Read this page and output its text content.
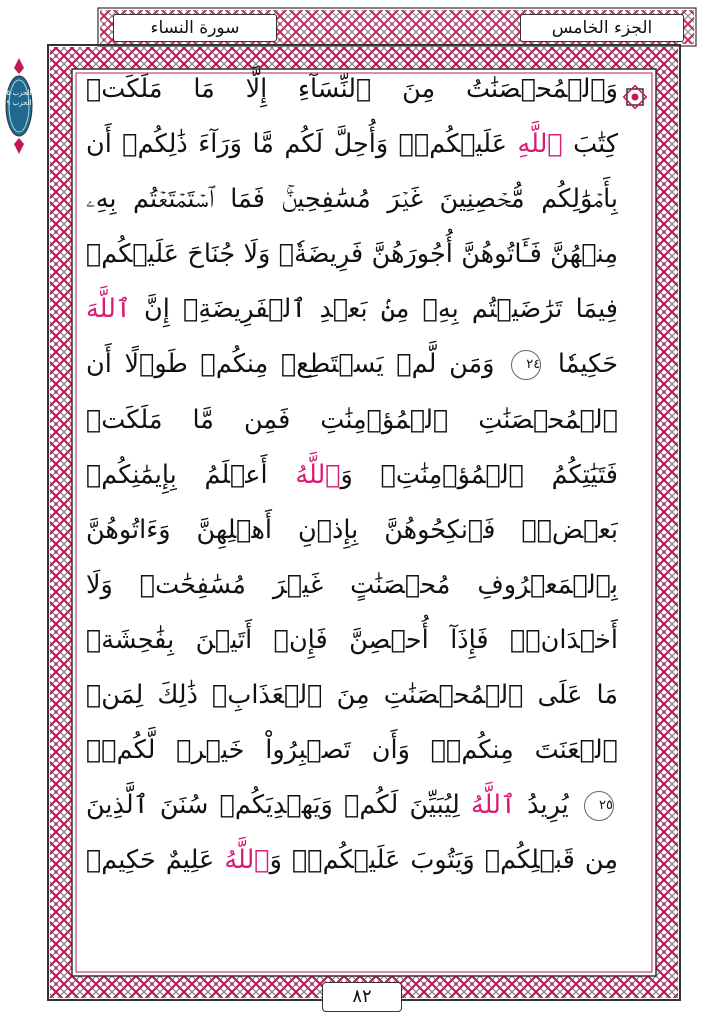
الجزء الخامس
سورة النساء
الحزب ٥
الحزب ٩	وَٱلۡمُحۡصَنَٰتُ مِنَ ٱلنِّسَآءِ إِلَّا مَا مَلَكَتۡ
كِتَٰبَ ٱللَّهِ عَلَيۡكُمۡۚ وَأُحِلَّ لَكُم مَّا وَرَآءَ ذَٰلِكُمۡ أَن
بِأَمۡوَٰلِكُم مُّحۡصِنِينَ غَيۡرَ مُسَٰفِحِينَۚ فَمَا ٱسۡتَمۡتَعۡتُم بِهِۦ
مِنۡهُنَّ فَـَٔاتُوهُنَّ أُجُورَهُنَّ فَرِيضَةٗۚ وَلَا جُنَاحَ عَلَيۡكُمۡ
فِيمَا تَرَٰضَيۡتُم بِهِۦ مِنۢ بَعۡدِ ٱلۡفَرِيضَةِۚ إِنَّ ٱللَّهَ
حَكِيمٗا ٢٤ وَمَن لَّمۡ يَسۡتَطِعۡ مِنكُمۡ طَوۡلًا أَن
ٱلۡمُحۡصَنَٰتِ ٱلۡمُؤۡمِنَٰتِ فَمِن مَّا مَلَكَتۡ
فَتَيَٰتِكُمُ ٱلۡمُؤۡمِنَٰتِۚ وَٱللَّهُ أَعۡلَمُ بِإِيمَٰنِكُمۚ
بَعۡضٖۚ فَٱنكِحُوهُنَّ بِإِذۡنِ أَهۡلِهِنَّ وَءَاتُوهُنَّ
بِٱلۡمَعۡرُوفِ مُحۡصَنَٰتٍ غَيۡرَ مُسَٰفِحَٰتٖ وَلَا
أَخۡدَانٖۚ فَإِذَآ أُحۡصِنَّ فَإِنۡ أَتَيۡنَ بِفَٰحِشَةٖ
مَا عَلَى ٱلۡمُحۡصَنَٰتِ مِنَ ٱلۡعَذَابِۚ ذَٰلِكَ لِمَنۡ
ٱلۡعَنَتَ مِنكُمۡۚ وَأَن تَصۡبِرُواْ خَيۡرٞ لَّكُمۡۗ
٢٥ يُرِيدُ ٱللَّهُ لِيُبَيِّنَ لَكُمۡ وَيَهۡدِيَكُمۡ سُنَنَ ٱلَّذِينَ
مِن قَبۡلِكُمۡ وَيَتُوبَ عَلَيۡكُمۡۗ وَٱللَّهُ عَلِيمٌ حَكِيمٞ
٨٢
